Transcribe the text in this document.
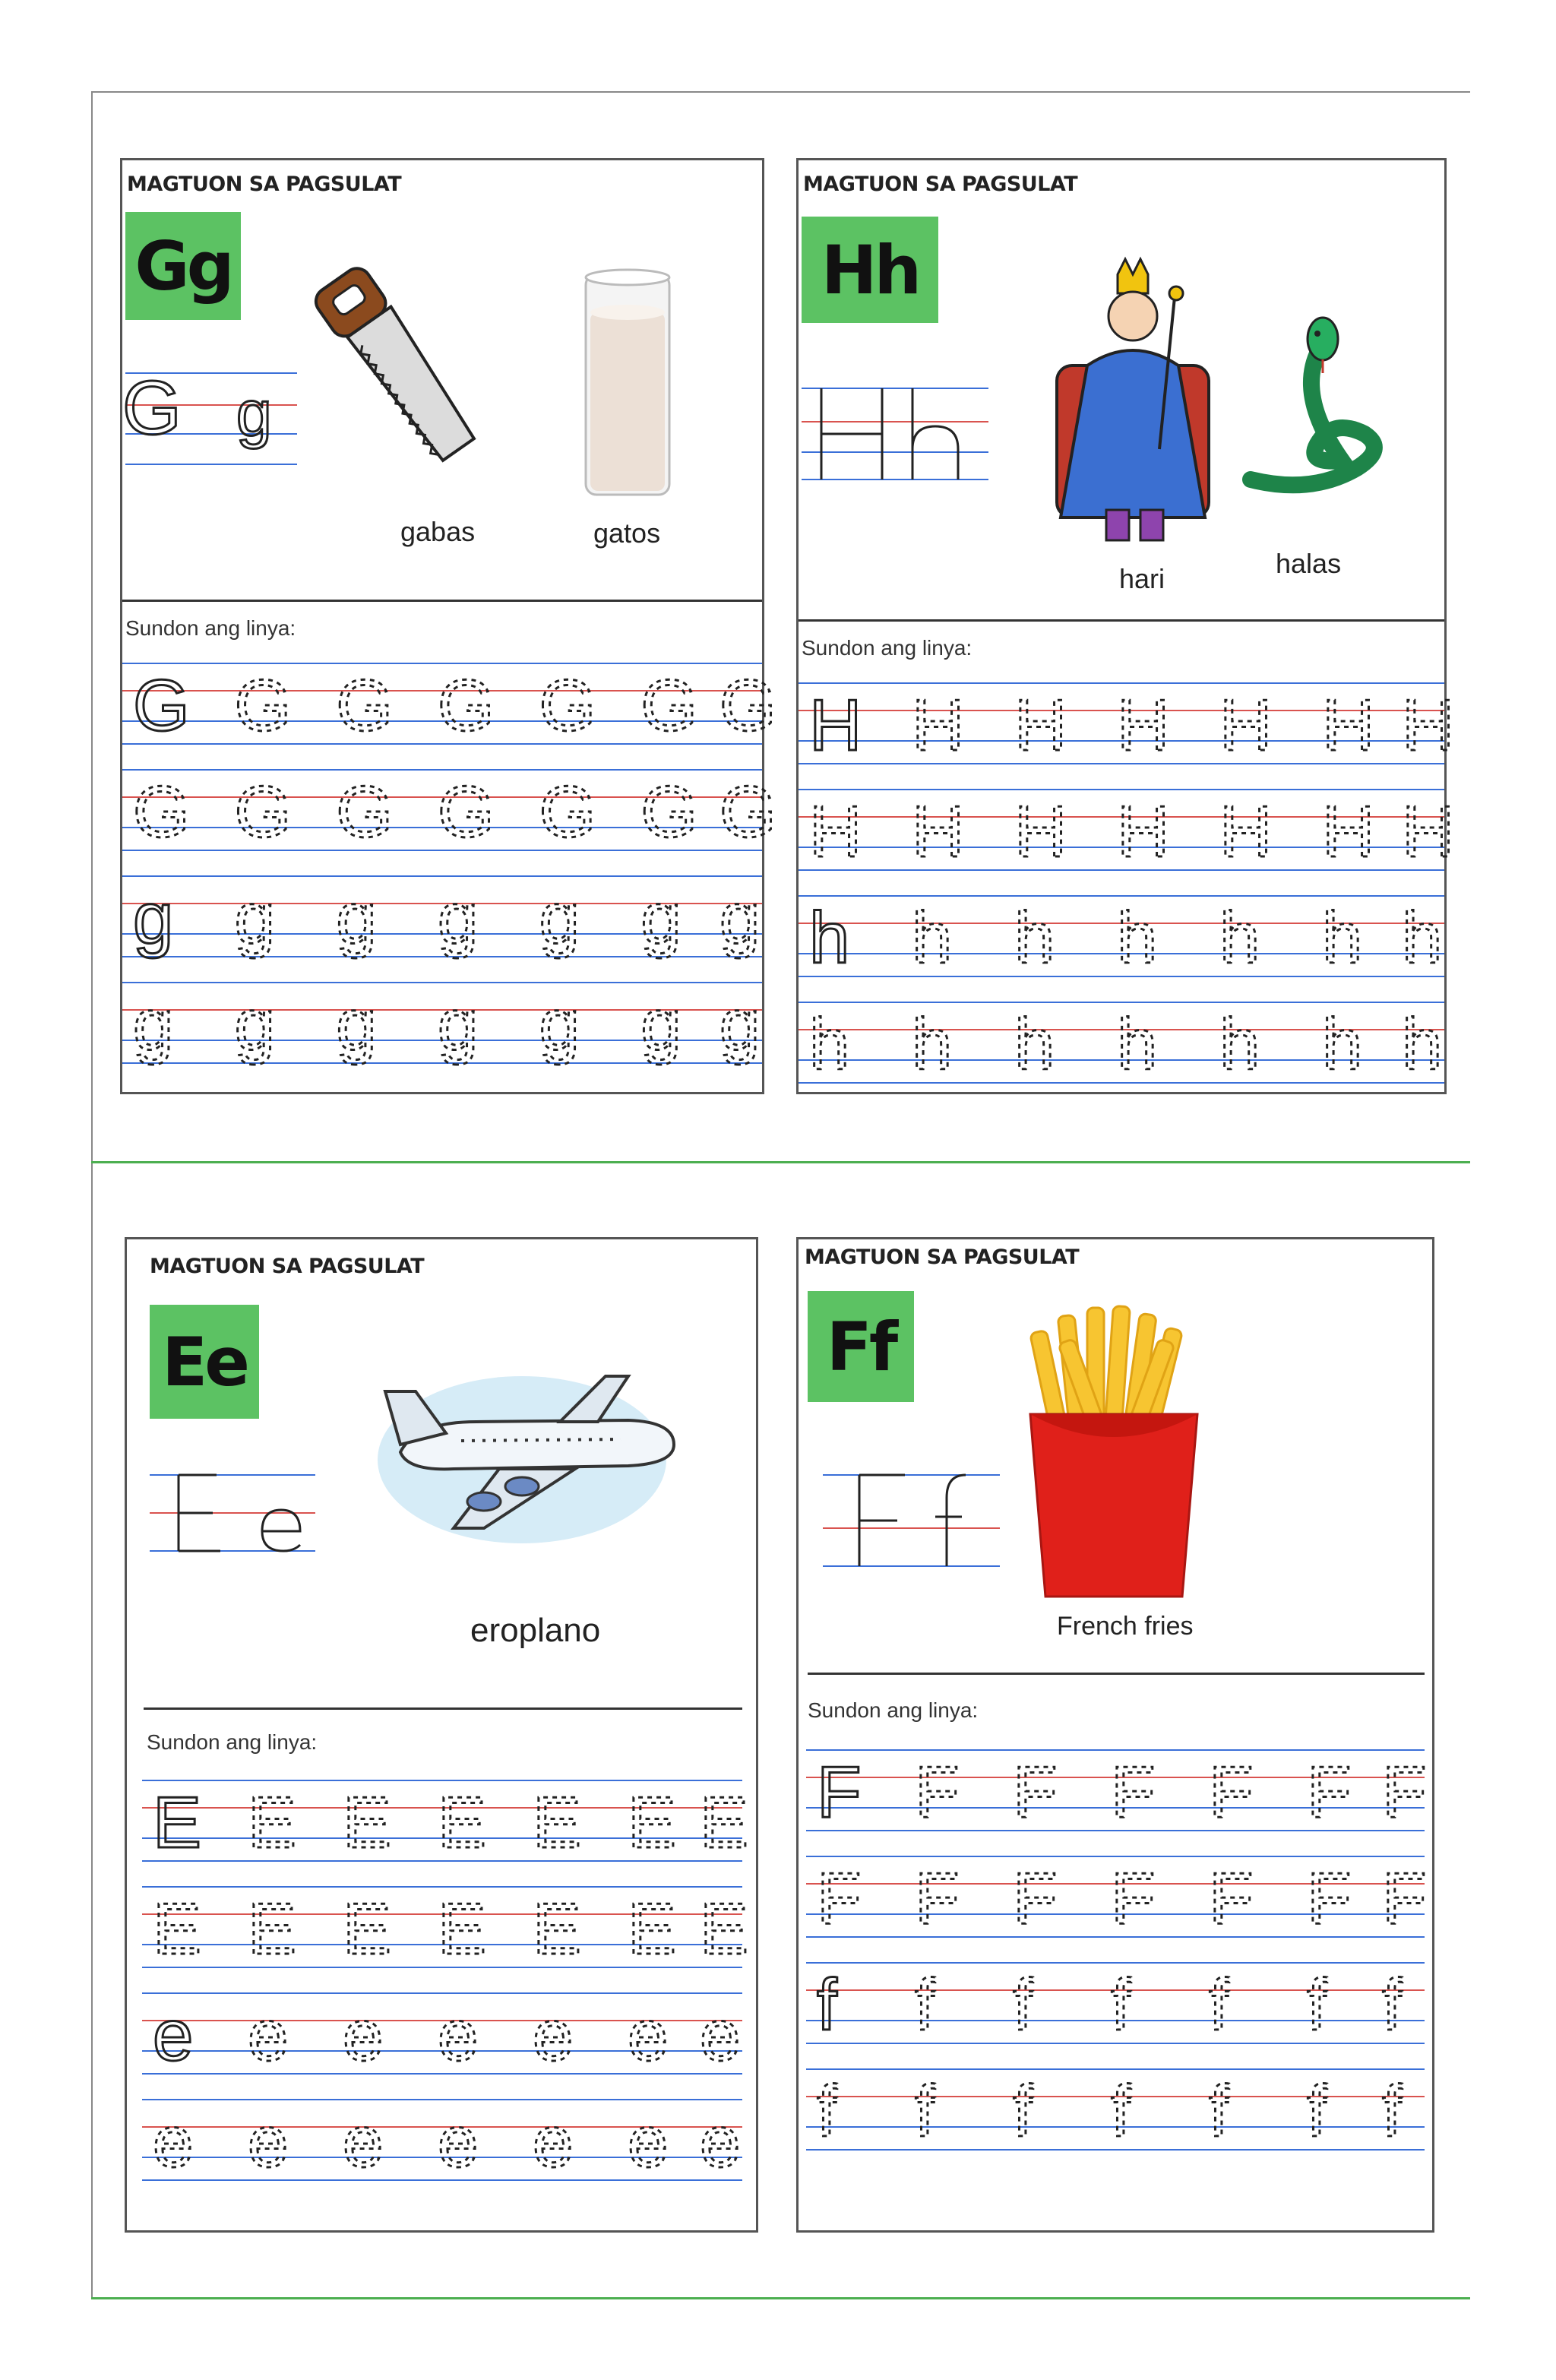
MAGTUON SA PAGSULAT
Gg
G g
gabas	gatos
Sundon ang linya:
G G G G G G G
G G G G G G G
g g g g g g g
g g g g g g g
MAGTUON SA PAGSULAT
Hh
hari	halas
Sundon ang linya:
H H H H H H H
H H H H H H H
h h h h h h h
h h h h h h h
MAGTUON SA PAGSULAT
Ee
eroplano
Sundon ang linya:
E E E E E E E
E E E E E E E
e e e e e e e
e e e e e e e
MAGTUON SA PAGSULAT
Ff
French fries
Sundon ang linya:
F F F F F F F
F F F F F F F
f f f f f f f
f f f f f f f
